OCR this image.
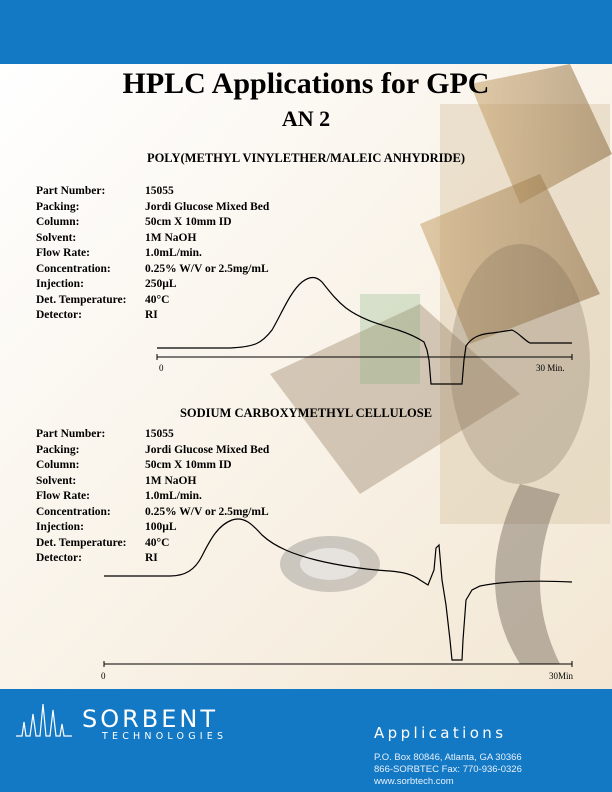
HPLC Applications for GPC
AN 2
POLY(METHYL VINYLETHER/MALEIC ANHYDRIDE)
Part Number:	15055
Packing:	Jordi Glucose Mixed Bed
Column:	50cm X 10mm ID
Solvent:	1M NaOH
Flow Rate:	1.0mL/min.
Concentration:	0.25% W/V or 2.5mg/mL
Injection:	250µL
Det. Temperature: 40°C
Detector:	RI
0	30 Min.
SODIUM CARBOXYMETHYL CELLULOSE
Part Number:	15055
Packing:	Jordi Glucose Mixed Bed
Column:	50cm X 10mm ID
Solvent:	1M NaOH
Flow Rate:	1.0mL/min.
Concentration:	0.25% W/V or 2.5mg/mL
Injection:	100µL
Det. Temperature: 40°C
Detector:	RI
0	30Min
SORBENT
TECHNOLOGIES	Applications
P.O. Box 80846, Atlanta, GA 30366
866-SORBTEC Fax: 770-936-0326
www.sorbtech.com
